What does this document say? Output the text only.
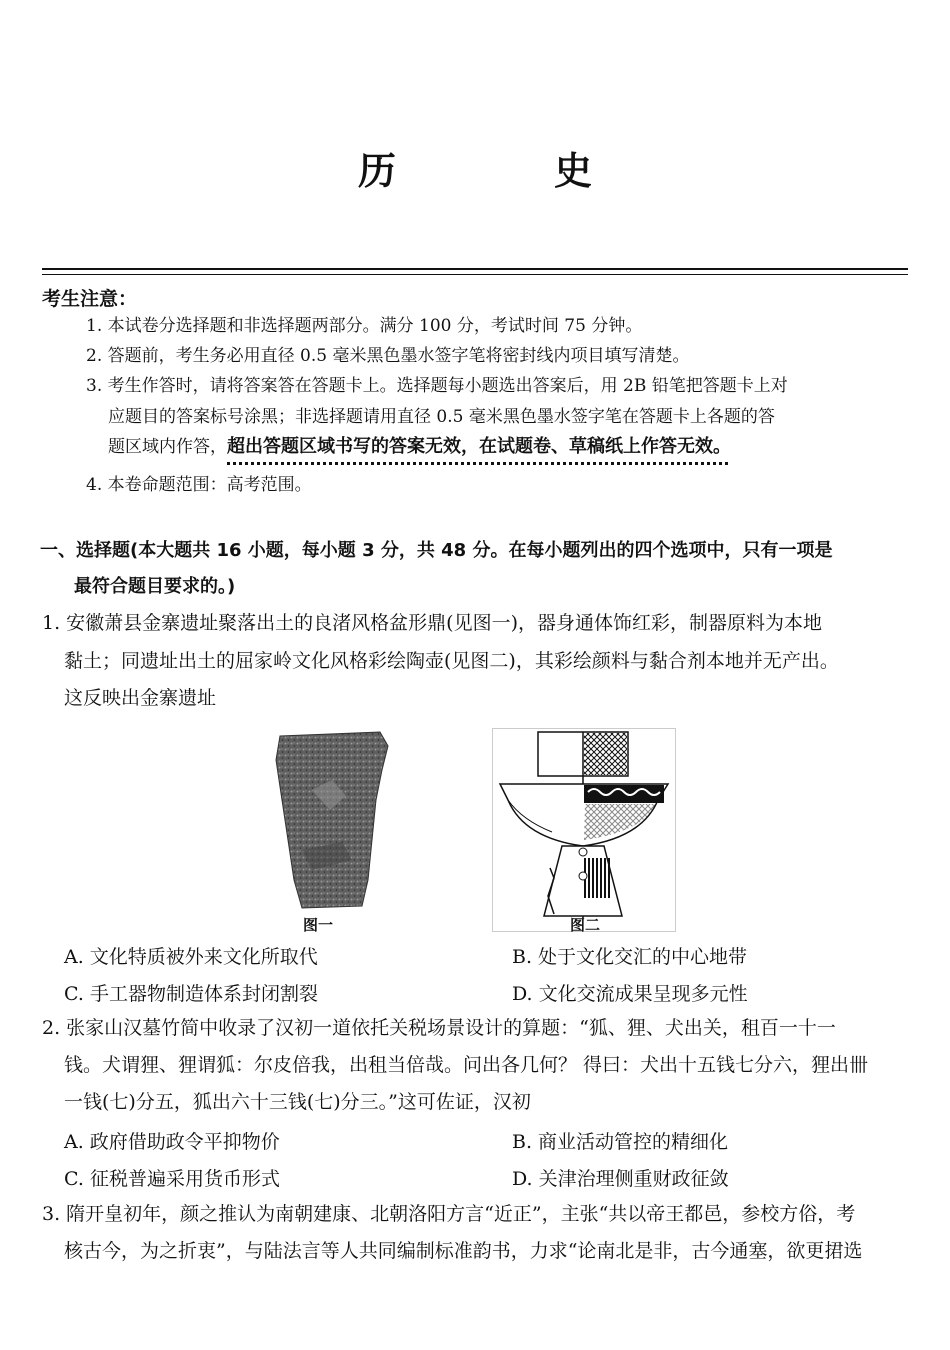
历　史
考生注意：
1. 本试卷分选择题和非选择题两部分。满分 100 分，考试时间 75 分钟。
2. 答题前，考生务必用直径 0.5 毫米黑色墨水签字笔将密封线内项目填写清楚。
3. 考生作答时，请将答案答在答题卡上。选择题每小题选出答案后，用 2B 铅笔把答题卡上对
应题目的答案标号涂黑；非选择题请用直径 0.5 毫米黑色墨水签字笔在答题卡上各题的答
题区域内作答，超出答题区域书写的答案无效，在试题卷、草稿纸上作答无效。
4. 本卷命题范围：高考范围。
一、选择题(本大题共 16 小题，每小题 3 分，共 48 分。在每小题列出的四个选项中，只有一项是
最符合题目要求的。)
1. 安徽萧县金寨遗址聚落出土的良渚风格盆形鼎(见图一)，器身通体饰红彩，制器原料为本地
黏土；同遗址出土的屈家岭文化风格彩绘陶壶(见图二)，其彩绘颜料与黏合剂本地并无产出。
这反映出金寨遗址
图一	图二
A. 文化特质被外来文化所取代	B. 处于文化交汇的中心地带
C. 手工器物制造体系封闭割裂	D. 文化交流成果呈现多元性
2. 张家山汉墓竹简中收录了汉初一道依托关税场景设计的算题：“狐、狸、犬出关，租百一十一
钱。犬谓狸、狸谓狐：尔皮倍我，出租当倍哉。问出各几何？ 得曰：犬出十五钱七分六，狸出卌
一钱(七)分五，狐出六十三钱(七)分三。”这可佐证，汉初
A. 政府借助政令平抑物价	B. 商业活动管控的精细化
C. 征税普遍采用货币形式	D. 关津治理侧重财政征敛
3. 隋开皇初年，颜之推认为南朝建康、北朝洛阳方言“近正”，主张“共以帝王都邑，参校方俗，考
核古今，为之折衷”，与陆法言等人共同编制标准韵书，力求“论南北是非，古今通塞，欲更捃选
